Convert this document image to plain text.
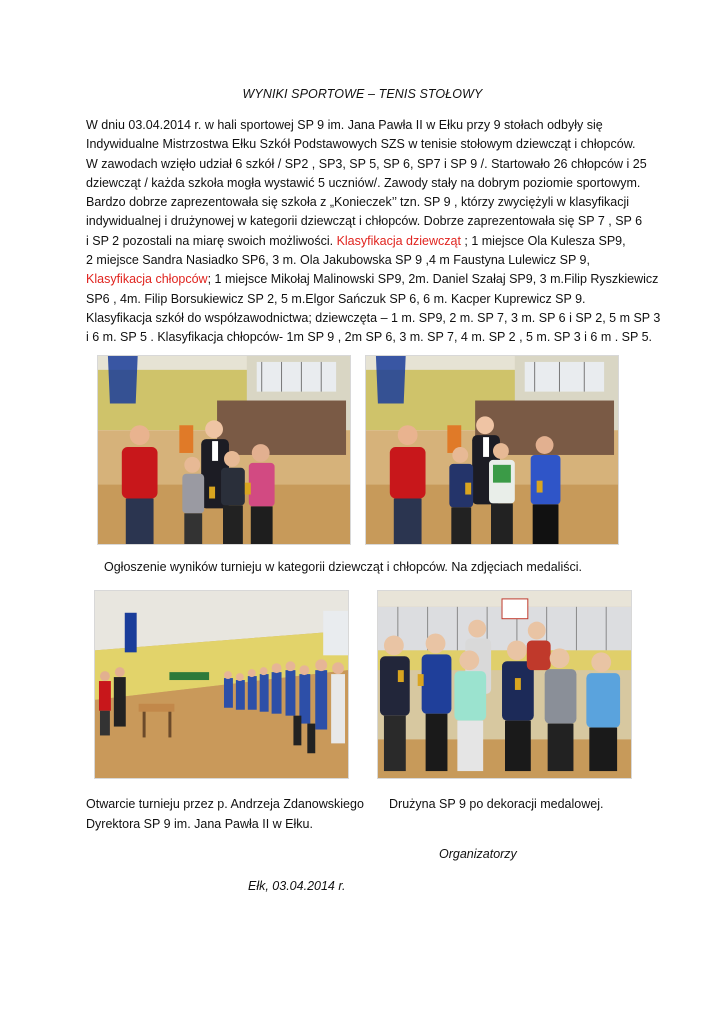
WYNIKI SPORTOWE – TENIS STOŁOWY
W dniu 03.04.2014 r. w hali sportowej SP 9 im. Jana Pawła II w Ełku przy 9 stołach odbyły się
Indywidualne Mistrzostwa Ełku Szkół Podstawowych SZS w tenisie stołowym dziewcząt i chłopców.
W zawodach wzięło udział 6 szkół / SP2 , SP3, SP 5, SP 6, SP7 i SP 9 /. Startowało 26 chłopców i 25
dziewcząt / każda szkoła mogła wystawić 5 uczniów/. Zawody stały na dobrym poziomie sportowym.
Bardzo dobrze zaprezentowała się szkoła z „Konieczek’’ tzn. SP 9 , którzy zwyciężyli w klasyfikacji
indywidualnej i drużynowej w kategorii dziewcząt i chłopców. Dobrze zaprezentowała się SP 7 , SP 6
i SP 2 pozostali na miarę swoich możliwości. Klasyfikacja dziewcząt ; 1 miejsce Ola Kulesza SP9,
2 miejsce Sandra Nasiadko SP6, 3 m. Ola Jakubowska SP 9 ,4 m Faustyna Lulewicz SP 9,
Klasyfikacja chłopców; 1 miejsce Mikołaj Malinowski SP9, 2m. Daniel Szałaj SP9, 3 m.Filip Ryszkiewicz
SP6 , 4m. Filip Borsukiewicz SP 2, 5 m.Elgor Sańczuk SP 6, 6 m. Kacper Kuprewicz SP 9.
Klasyfikacja szkół do współzawodnictwa; dziewczęta – 1 m. SP9, 2 m. SP 7, 3 m. SP 6 i SP 2, 5 m SP 3
i 6 m. SP 5 . Klasyfikacja chłopców- 1m SP 9 , 2m SP 6, 3 m. SP 7, 4 m. SP 2 , 5 m. SP 3 i 6 m . SP 5.
Ogłoszenie wyników turnieju w kategorii dziewcząt i chłopców. Na zdjęciach medaliści.
Otwarcie turnieju przez p. Andrzeja Zdanowskiego
Dyrektora SP 9 im. Jana Pawła II w Ełku.
Drużyna SP 9 po dekoracji medalowej.
Organizatorzy
Ełk, 03.04.2014 r.
